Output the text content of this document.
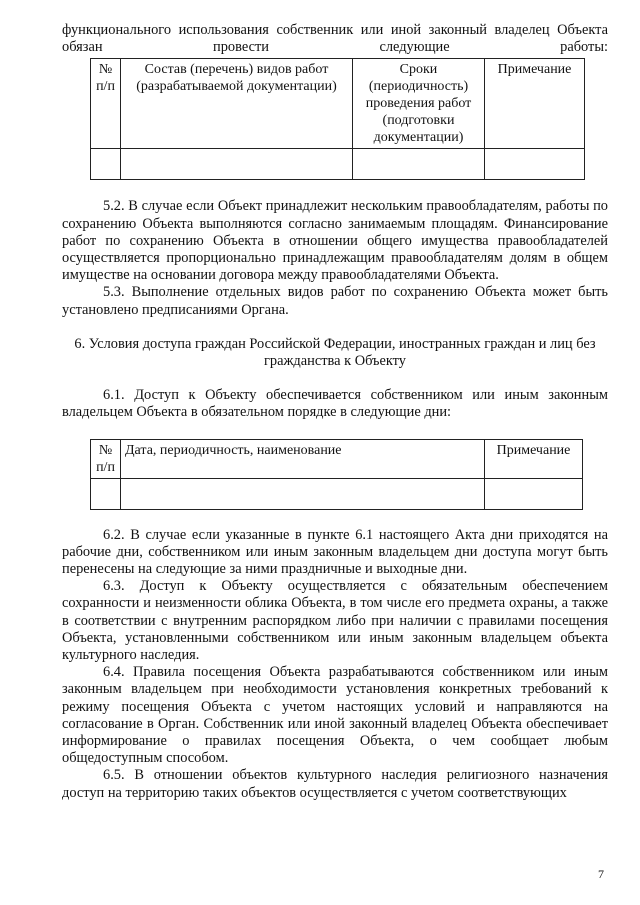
функционального использования собственник или иной законный владелец Объекта обязан провести следующие работы:

№ п/п	Состав (перечень) видов работ (разрабатываемой документации)	Сроки (периодичность) проведения работ (подготовки документации)	Примечание

5.2. В случае если Объект принадлежит нескольким правообладателям, работы по сохранению Объекта выполняются согласно занимаемым площадям. Финансирование работ по сохранению Объекта в отношении общего имущества правообладателей осуществляется пропорционально принадлежащим правообладателям долям в общем имуществе на основании договора между правообладателями Объекта.

5.3. Выполнение отдельных видов работ по сохранению Объекта может быть установлено предписаниями Органа.

6. Условия доступа граждан Российской Федерации, иностранных граждан и лиц без гражданства к Объекту

6.1. Доступ к Объекту обеспечивается собственником или иным законным владельцем Объекта в обязательном порядке в следующие дни:

№ п/п	Дата, периодичность, наименование	Примечание

6.2. В случае если указанные в пункте 6.1 настоящего Акта дни приходятся на рабочие дни, собственником или иным законным владельцем дни доступа могут быть перенесены на следующие за ними праздничные и выходные дни.

6.3. Доступ к Объекту осуществляется с обязательным обеспечением сохранности и неизменности облика Объекта, в том числе его предмета охраны, а также в соответствии с внутренним распорядком либо при наличии с правилами посещения Объекта, установленными собственником или иным законным владельцем объекта культурного наследия.

6.4. Правила посещения Объекта разрабатываются собственником или иным законным владельцем при необходимости установления конкретных требований к режиму посещения Объекта с учетом настоящих условий и направляются на согласование в Орган. Собственник или иной законный владелец Объекта обеспечивает информирование о правилах посещения Объекта, о чем сообщает любым общедоступным способом.

6.5. В отношении объектов культурного наследия религиозного назначения доступ на территорию таких объектов осуществляется с учетом соответствующих

7
